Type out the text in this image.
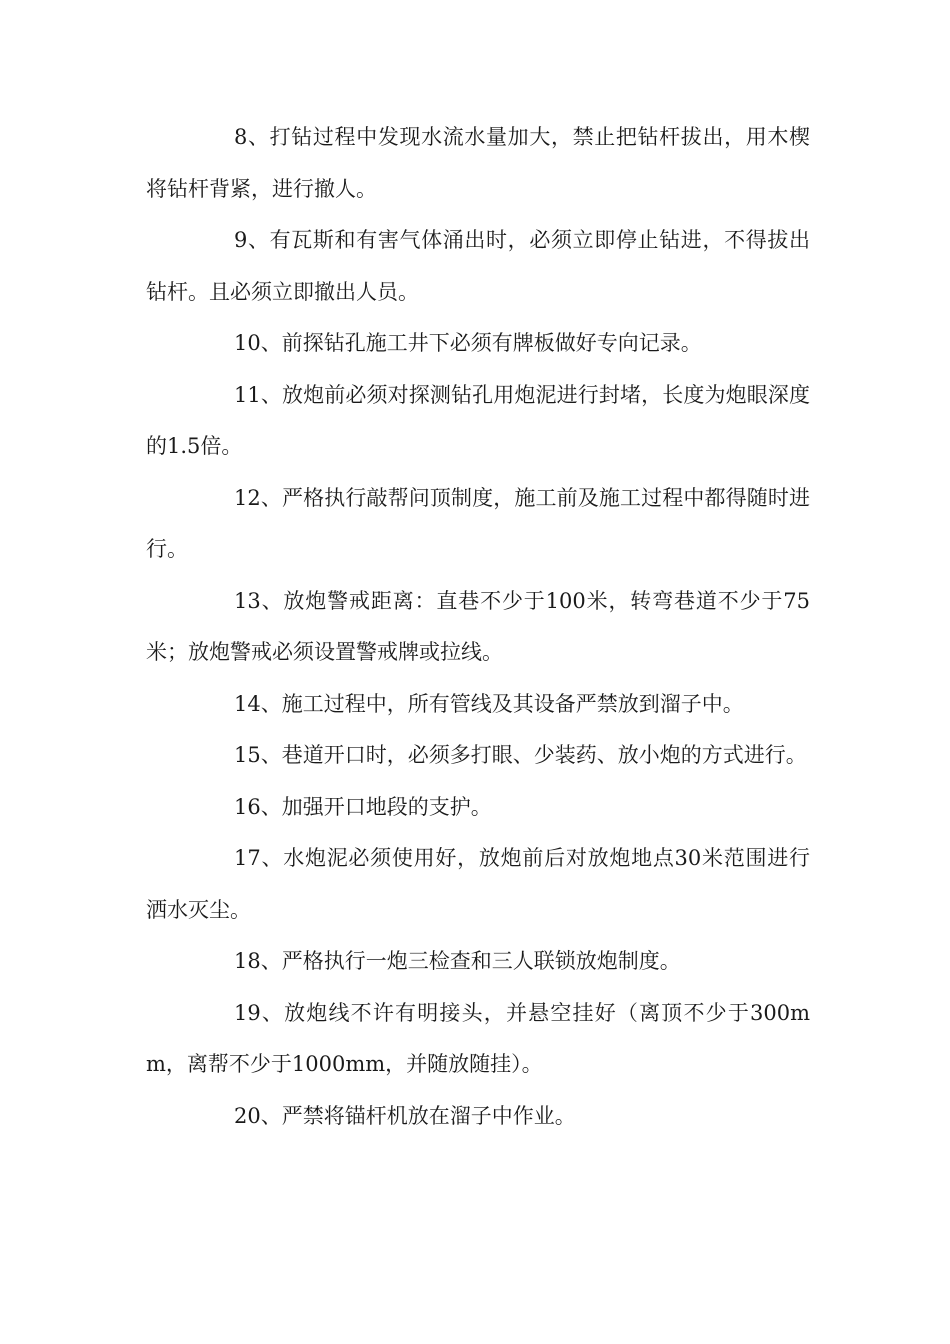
8、打钻过程中发现水流水量加大，禁止把钻杆拔出，用木楔将钻杆背紧，进行撤人。

9、有瓦斯和有害气体涌出时，必须立即停止钻进，不得拔出钻杆。且必须立即撤出人员。

10、前探钻孔施工井下必须有牌板做好专向记录。

11、放炮前必须对探测钻孔用炮泥进行封堵，长度为炮眼深度的1.5倍。

12、严格执行敲帮问顶制度，施工前及施工过程中都得随时进行。

13、放炮警戒距离：直巷不少于100米，转弯巷道不少于75米；放炮警戒必须设置警戒牌或拉线。

14、施工过程中，所有管线及其设备严禁放到溜子中。

15、巷道开口时，必须多打眼、少装药、放小炮的方式进行。

16、加强开口地段的支护。

17、水炮泥必须使用好，放炮前后对放炮地点30米范围进行洒水灭尘。

18、严格执行一炮三检查和三人联锁放炮制度。

19、放炮线不许有明接头，并悬空挂好（离顶不少于300mm，离帮不少于1000mm，并随放随挂）。

20、严禁将锚杆机放在溜子中作业。
